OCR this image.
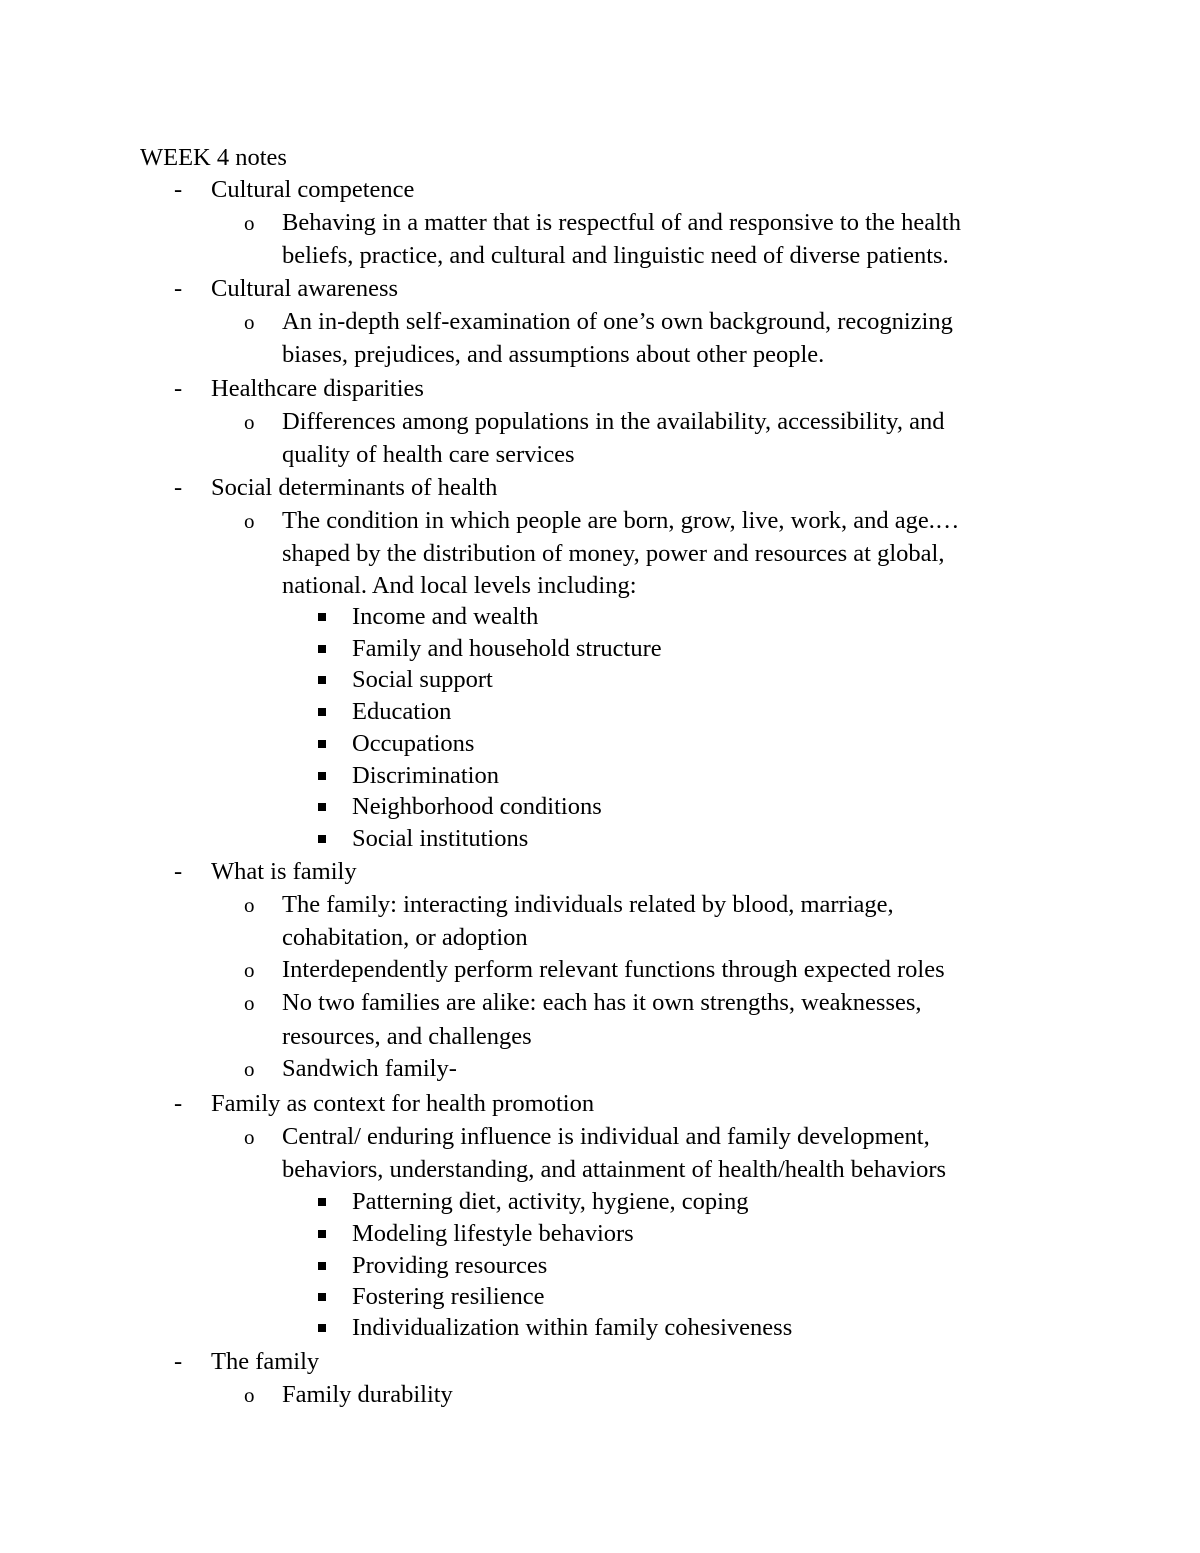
WEEK 4 notes
- Cultural competence
o Behaving in a matter that is respectful of and responsive to the health
beliefs, practice, and cultural and linguistic need of diverse patients.
- Cultural awareness
o An in-depth self-examination of one’s own background, recognizing
biases, prejudices, and assumptions about other people.
- Healthcare disparities
o Differences among populations in the availability, accessibility, and
quality of health care services
- Social determinants of health
o The condition in which people are born, grow, live, work, and age.…
shaped by the distribution of money, power and resources at global,
national. And local levels including:
Income and wealth
Family and household structure
Social support
Education
Occupations
Discrimination
Neighborhood conditions
Social institutions
- What is family
o The family: interacting individuals related by blood, marriage,
cohabitation, or adoption
o Interdependently perform relevant functions through expected roles
o No two families are alike: each has it own strengths, weaknesses,
resources, and challenges
o Sandwich family-
- Family as context for health promotion
o Central/ enduring influence is individual and family development,
behaviors, understanding, and attainment of health/health behaviors
Patterning diet, activity, hygiene, coping
Modeling lifestyle behaviors
Providing resources
Fostering resilience
Individualization within family cohesiveness
- The family
o Family durability
